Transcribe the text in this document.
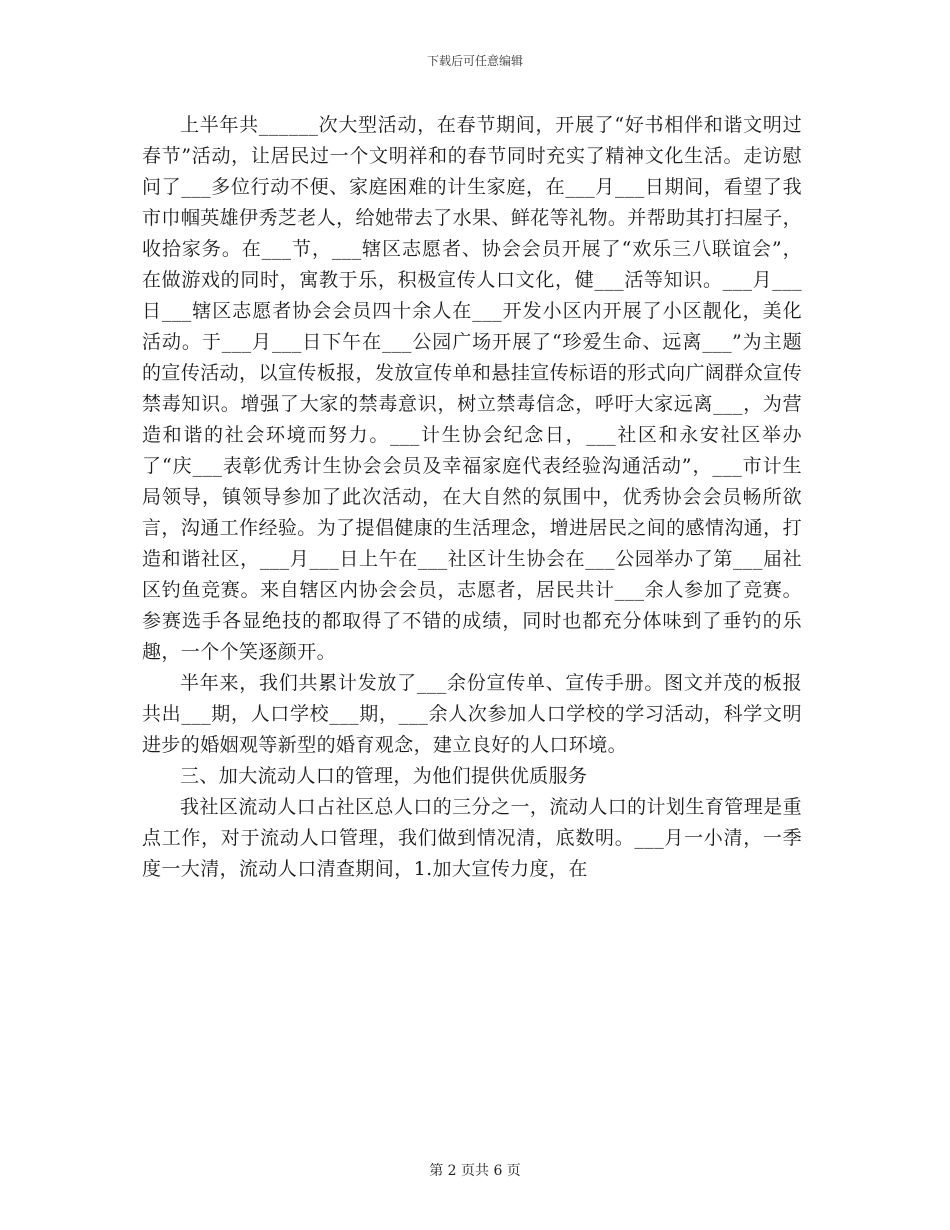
下载后可任意编辑

上半年共______次大型活动，在春节期间，开展了“好书相伴和谐文明过春节”活动，让居民过一个文明祥和的春节同时充实了精神文化生活。走访慰问了___多位行动不便、家庭困难的计生家庭，在___月___日期间，看望了我市巾帼英雄伊秀芝老人，给她带去了水果、鲜花等礼物。并帮助其打扫屋子，收拾家务。在___节，___辖区志愿者、协会会员开展了“欢乐三八联谊会”，在做游戏的同时，寓教于乐，积极宣传人口文化，健___活等知识。___月___日___辖区志愿者协会会员四十余人在___开发小区内开展了小区靓化，美化活动。于___月___日下午在___公园广场开展了“珍爱生命、远离___”为主题的宣传活动，以宣传板报，发放宣传单和悬挂宣传标语的形式向广阔群众宣传禁毒知识。增强了大家的禁毒意识，树立禁毒信念，呼吁大家远离___，为营造和谐的社会环境而努力。___计生协会纪念日，___社区和永安社区举办了“庆___表彰优秀计生协会会员及幸福家庭代表经验沟通活动”，___市计生局领导，镇领导参加了此次活动，在大自然的氛围中，优秀协会会员畅所欲言，沟通工作经验。为了提倡健康的生活理念，增进居民之间的感情沟通，打造和谐社区，___月___日上午在___社区计生协会在___公园举办了第___届社区钓鱼竞赛。来自辖区内协会会员，志愿者，居民共计___余人参加了竞赛。参赛选手各显绝技的都取得了不错的成绩，同时也都充分体味到了垂钓的乐趣，一个个笑逐颜开。

半年来，我们共累计发放了___余份宣传单、宣传手册。图文并茂的板报共出___期，人口学校___期，___余人次参加人口学校的学习活动，科学文明进步的婚姻观等新型的婚育观念，建立良好的人口环境。

三、加大流动人口的管理，为他们提供优质服务

我社区流动人口占社区总人口的三分之一，流动人口的计划生育管理是重点工作，对于流动人口管理，我们做到情况清，底数明。___月一小清，一季度一大清，流动人口清查期间，1.加大宣传力度，在

第 2 页共 6 页
